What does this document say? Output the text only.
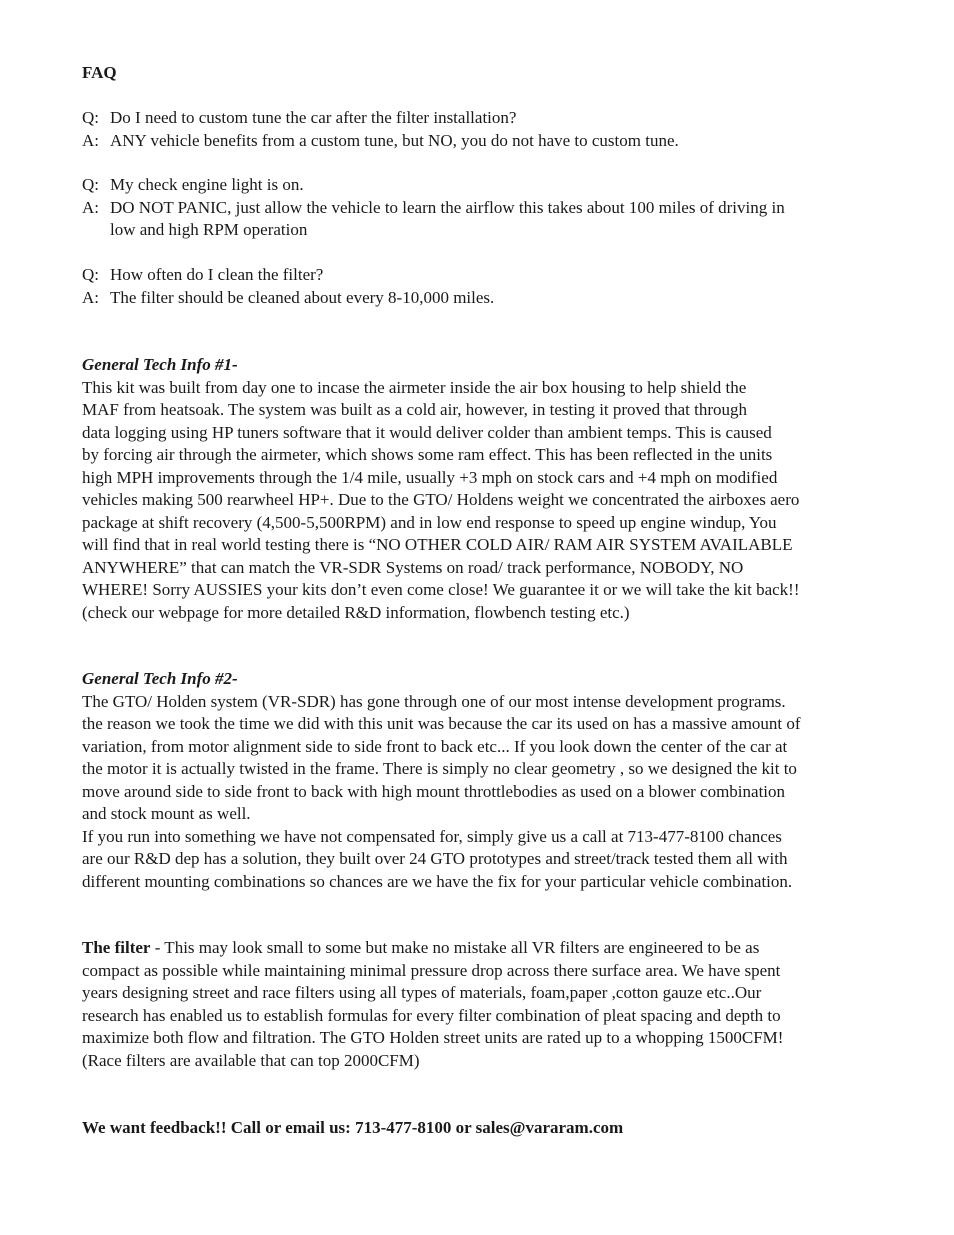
FAQ
Q: Do I need to custom tune the car after the filter installation?
A: ANY vehicle benefits from a custom tune, but NO, you do not have to custom tune.
Q: My check engine light is on.
A: DO NOT PANIC, just allow the vehicle to learn the airflow this takes about 100 miles of driving in
low and high RPM operation
Q: How often do I clean the filter?
A: The filter should be cleaned about every 8-10,000 miles.
General Tech Info #1-
This kit was built from day one to incase the airmeter inside the air box housing to help shield the
MAF from heatsoak. The system was built as a cold air, however, in testing it proved that through
data logging using HP tuners software that it would deliver colder than ambient temps. This is caused
by forcing air through the airmeter, which shows some ram effect. This has been reflected in the units
high MPH improvements through the 1/4 mile, usually +3 mph on stock cars and +4 mph on modified
vehicles making 500 rearwheel HP+. Due to the GTO/ Holdens weight we concentrated the airboxes aero
package at shift recovery (4,500-5,500RPM) and in low end response to speed up engine windup, You
will find that in real world testing there is “NO OTHER COLD AIR/ RAM AIR SYSTEM AVAILABLE
ANYWHERE” that can match the VR-SDR Systems on road/ track performance, NOBODY, NO
WHERE! Sorry AUSSIES your kits don’t even come close! We guarantee it or we will take the kit back!!
(check our webpage for more detailed R&D information, flowbench testing etc.)
General Tech Info #2-
The GTO/ Holden system (VR-SDR) has gone through one of our most intense development programs.
the reason we took the time we did with this unit was because the car its used on has a massive amount of
variation, from motor alignment side to side front to back etc... If you look down the center of the car at
the motor it is actually twisted in the frame. There is simply no clear geometry , so we designed the kit to
move around side to side front to back with high mount throttlebodies as used on a blower combination
and stock mount as well.
If you run into something we have not compensated for, simply give us a call at 713-477-8100 chances
are our R&D dep has a solution, they built over 24 GTO prototypes and street/track tested them all with
different mounting combinations so chances are we have the fix for your particular vehicle combination.
The filter - This may look small to some but make no mistake all VR filters are engineered to be as
compact as possible while maintaining minimal pressure drop across there surface area. We have spent
years designing street and race filters using all types of materials, foam,paper ,cotton gauze etc..Our
research has enabled us to establish formulas for every filter combination of pleat spacing and depth to
maximize both flow and filtration. The GTO Holden street units are rated up to a whopping 1500CFM!
(Race filters are available that can top 2000CFM)
We want feedback!! Call or email us: 713-477-8100 or sales@vararam.com
